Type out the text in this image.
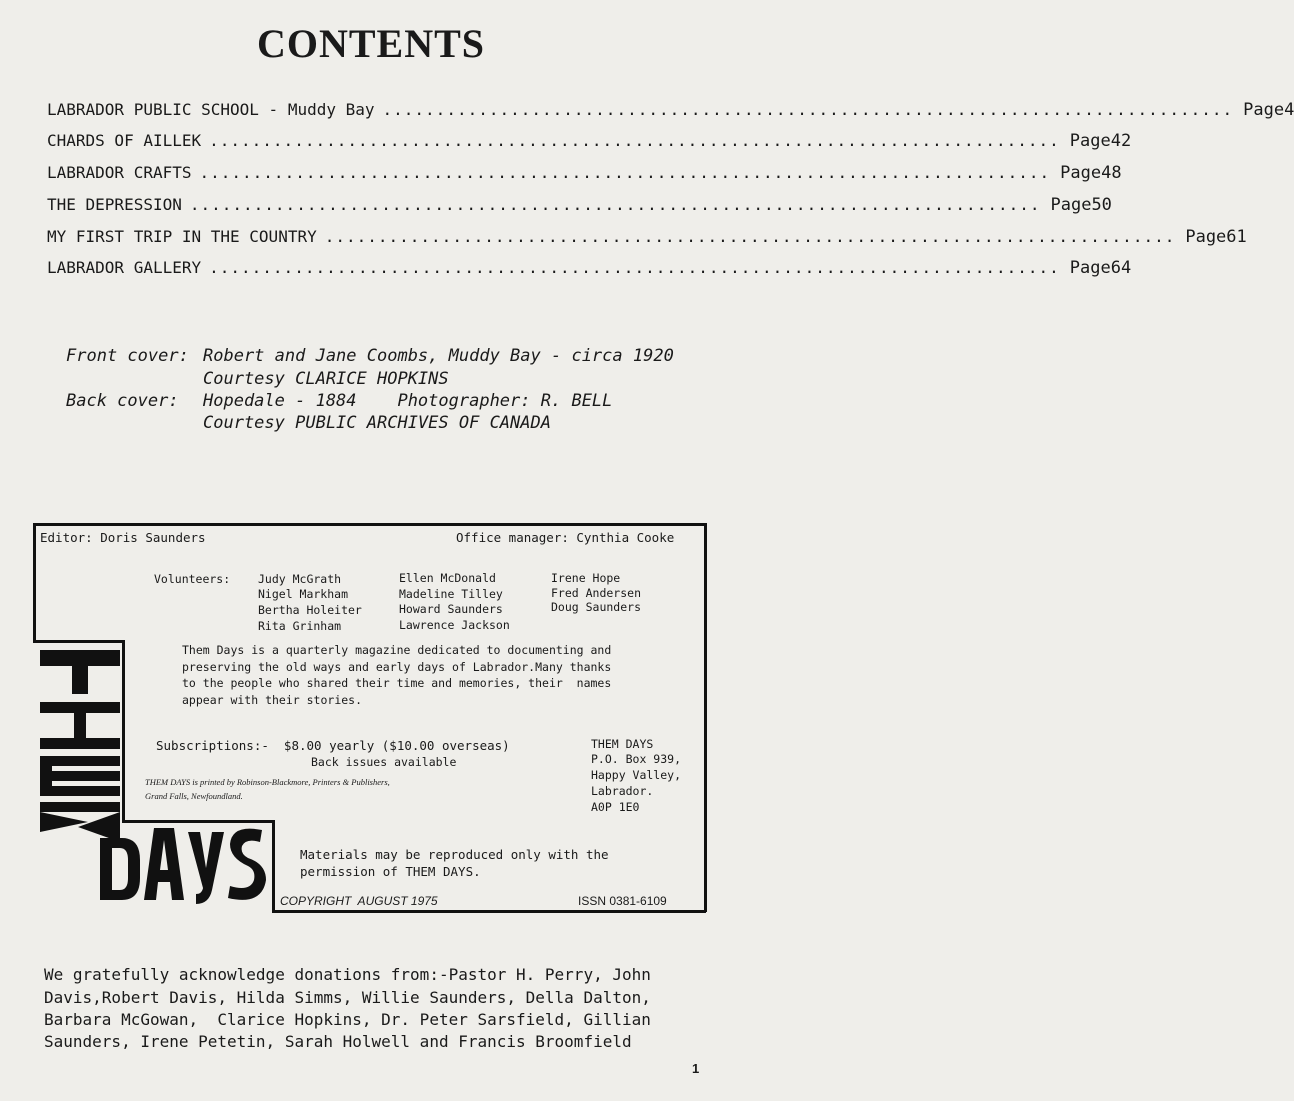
CONTENTS
LABRADOR PUBLIC SCHOOL - Muddy Bay ................................................................................ Page 4
CHARDS OF AILLEK ................................................................................ Page 42
LABRADOR CRAFTS ................................................................................ Page 48
THE DEPRESSION ................................................................................ Page 50
MY FIRST TRIP IN THE COUNTRY ................................................................................ Page 61
LABRADOR GALLERY ................................................................................ Page 64
Front cover: Robert and Jane Coombs, Muddy Bay - circa 1920
Courtesy CLARICE HOPKINS
Back cover: Hopedale - 1884    Photographer: R. BELL
Courtesy PUBLIC ARCHIVES OF CANADA
Editor: Doris Saunders	Office manager: Cynthia Cooke
Volunteers: Judy McGrath
Nigel Markham
Bertha Holeiter
Rita Grinham
Ellen McDonald
Madeline Tilley
Howard Saunders
Lawrence Jackson
Irene Hope
Fred Andersen
Doug Saunders
Them Days is a quarterly magazine dedicated to documenting and
preserving the old ways and early days of Labrador.Many thanks
to the people who shared their time and memories, their  names
appear with their stories.
Subscriptions:-  $8.00 yearly ($10.00 overseas)
Back issues available
THEM DAYS is printed by Robinson-Blackmore, Printers & Publishers,
Grand Falls, Newfoundland.
THEM DAYS
P.O. Box 939,
Happy Valley,
Labrador.
A0P 1E0
Materials may be reproduced only with the
permission of THEM DAYS.
COPYRIGHT  AUGUST 1975	ISSN 0381-6109
We gratefully acknowledge donations from:-Pastor H. Perry, John
Davis,Robert Davis, Hilda Simms, Willie Saunders, Della Dalton,
Barbara McGowan,  Clarice Hopkins, Dr. Peter Sarsfield, Gillian
Saunders, Irene Petetin, Sarah Holwell and Francis Broomfield
1
